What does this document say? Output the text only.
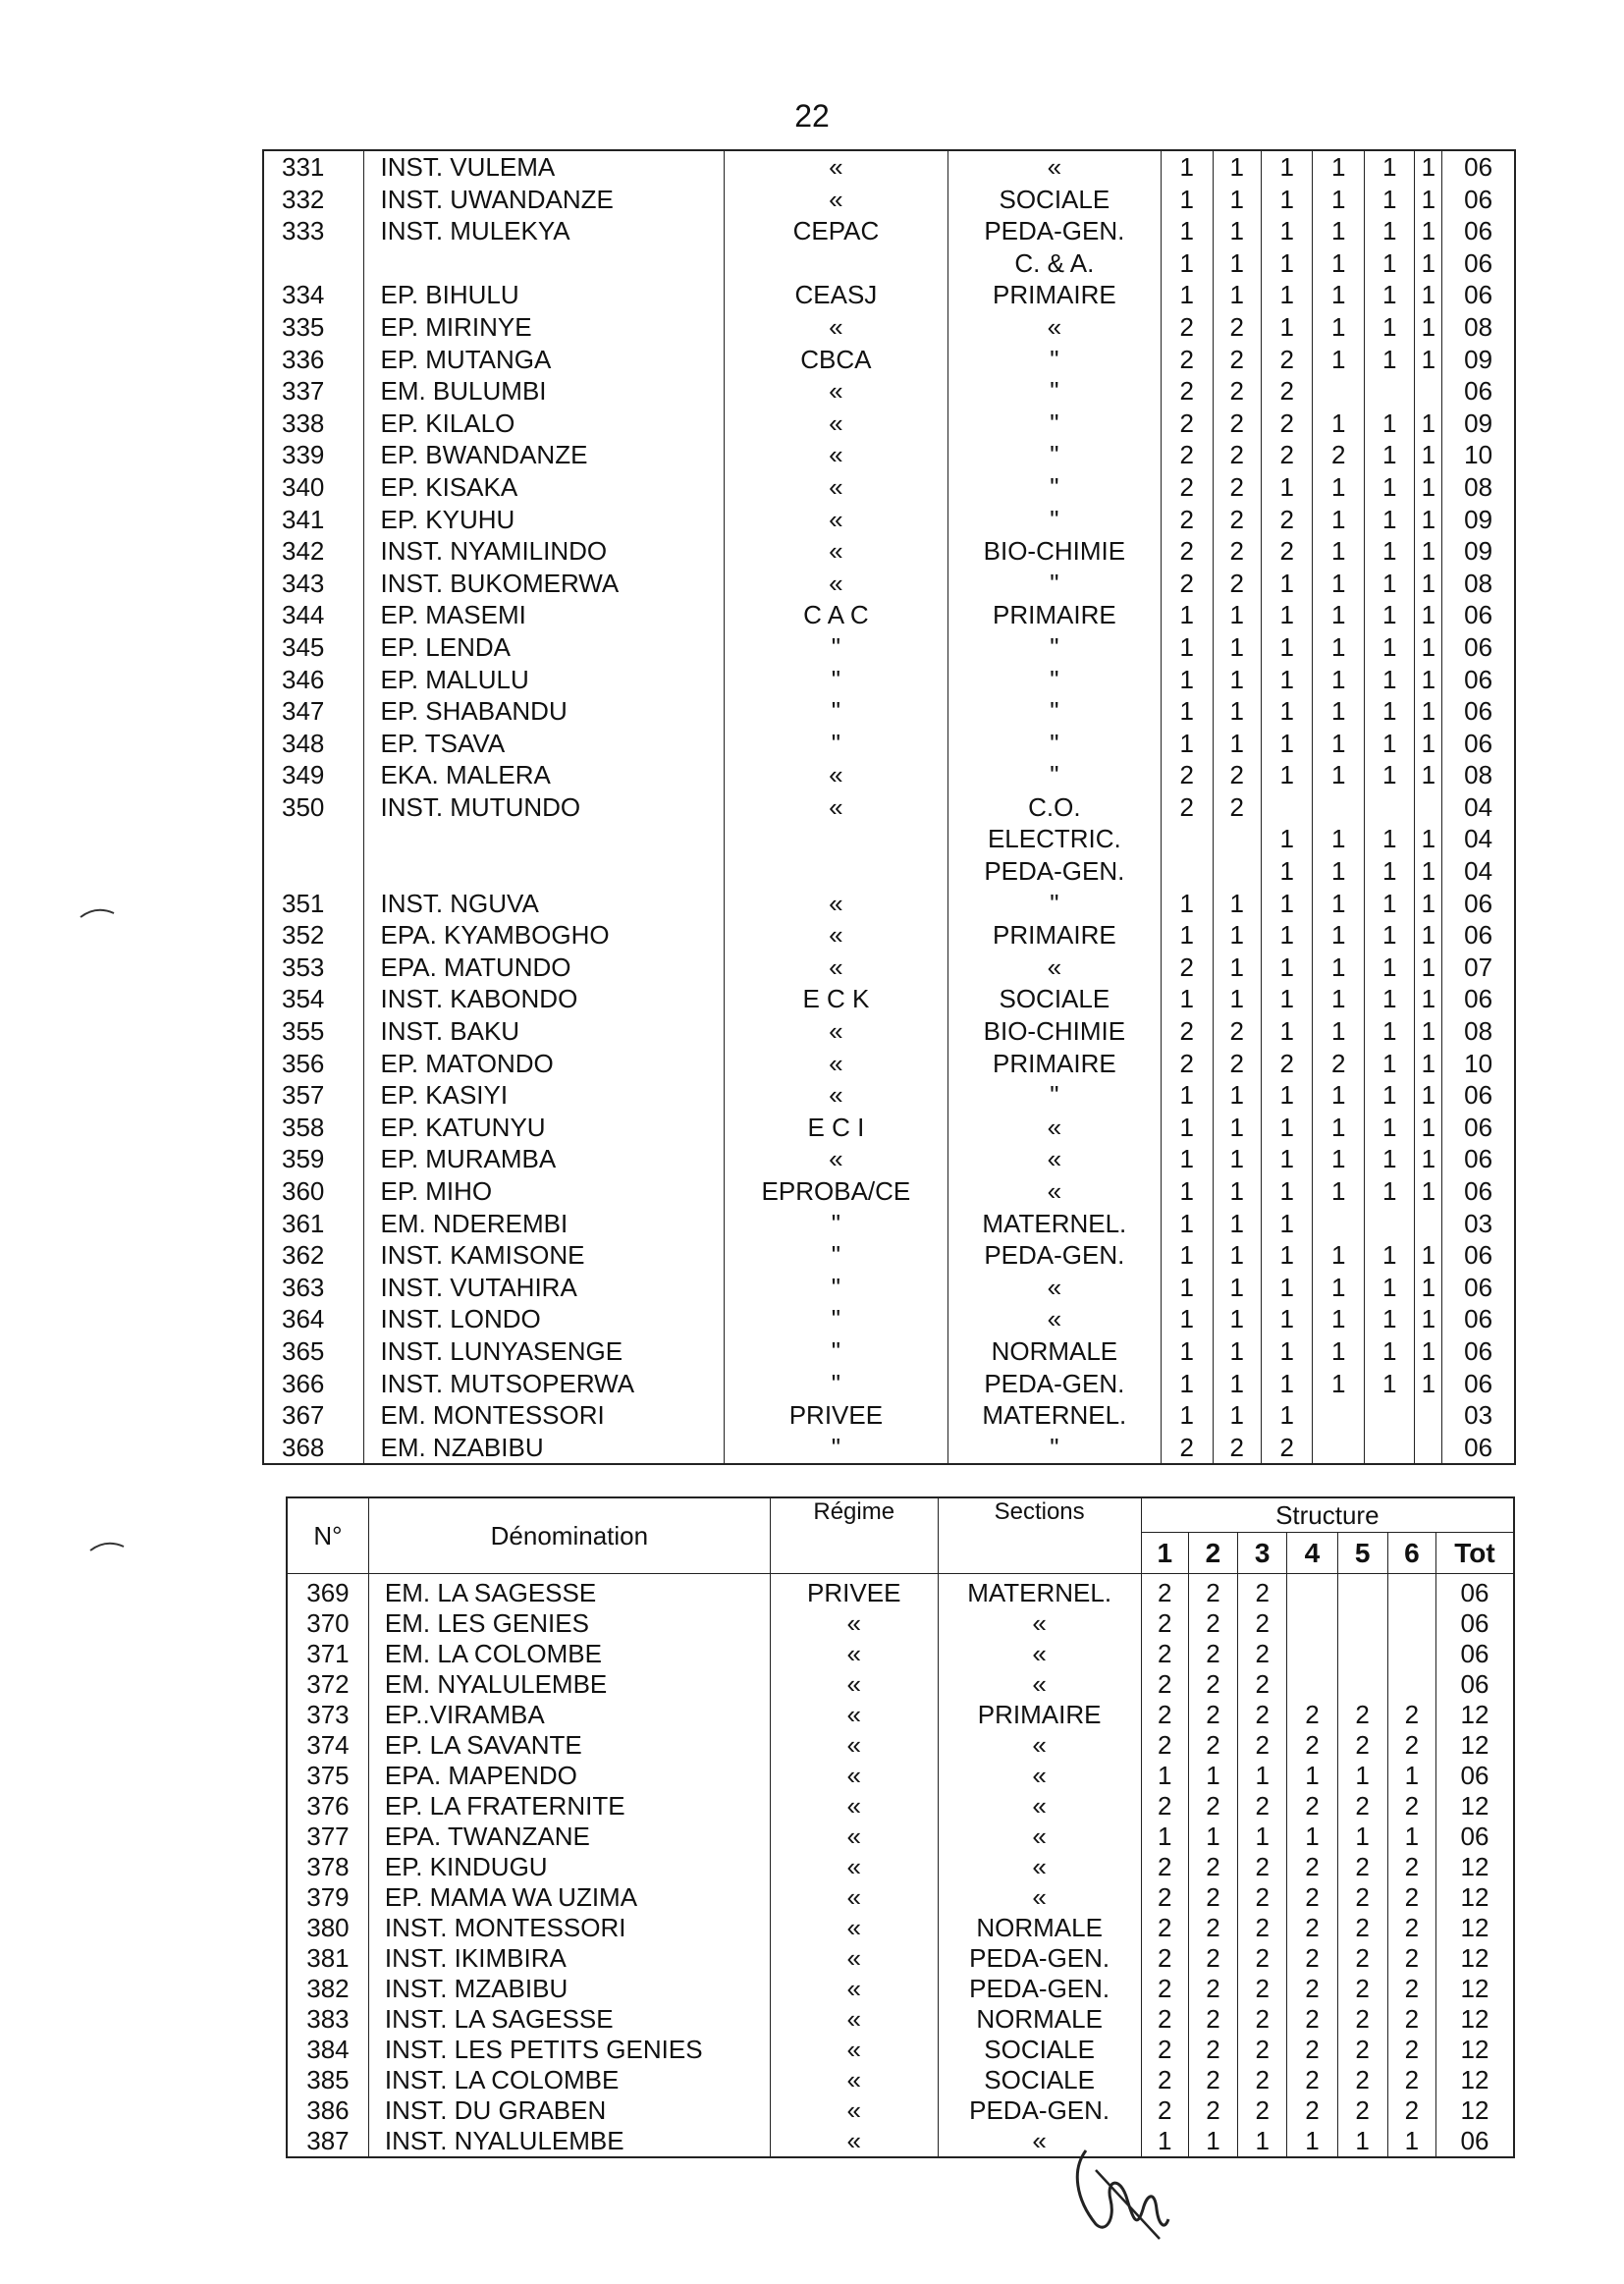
22
331	INST. VULEMA	«	«	1	1	1	1	1	1	06
332	INST. UWANDANZE	«	SOCIALE	1	1	1	1	1	1	06
333	INST. MULEKYA	CEPAC	PEDA-GEN.	1	1	1	1	1	1	06
			C. & A.	1	1	1	1	1	1	06
334	EP. BIHULU	CEASJ	PRIMAIRE	1	1	1	1	1	1	06
335	EP. MIRINYE	«	«	2	2	1	1	1	1	08
336	EP. MUTANGA	CBCA	"	2	2	2	1	1	1	09
337	EM. BULUMBI	«	"	2	2	2				06
338	EP. KILALO	«	"	2	2	2	1	1	1	09
339	EP. BWANDANZE	«	"	2	2	2	2	1	1	10
340	EP. KISAKA	«	"	2	2	1	1	1	1	08
341	EP. KYUHU	«	"	2	2	2	1	1	1	09
342	INST. NYAMILINDO	«	BIO-CHIMIE	2	2	2	1	1	1	09
343	INST. BUKOMERWA	«	"	2	2	1	1	1	1	08
344	EP. MASEMI	C A C	PRIMAIRE	1	1	1	1	1	1	06
345	EP. LENDA	"	"	1	1	1	1	1	1	06
346	EP. MALULU	"	"	1	1	1	1	1	1	06
347	EP. SHABANDU	"	"	1	1	1	1	1	1	06
348	EP. TSAVA	"	"	1	1	1	1	1	1	06
349	EKA. MALERA	«	"	2	2	1	1	1	1	08
350	INST. MUTUNDO	«	C.O.	2	2					04
			ELECTRIC.			1	1	1	1	04
			PEDA-GEN.			1	1	1	1	04
351	INST. NGUVA	«	"	1	1	1	1	1	1	06
352	EPA. KYAMBOGHO	«	PRIMAIRE	1	1	1	1	1	1	06
353	EPA. MATUNDO	«	«	2	1	1	1	1	1	07
354	INST. KABONDO	E C K	SOCIALE	1	1	1	1	1	1	06
355	INST. BAKU	«	BIO-CHIMIE	2	2	1	1	1	1	08
356	EP. MATONDO	«	PRIMAIRE	2	2	2	2	1	1	10
357	EP. KASIYI	«	"	1	1	1	1	1	1	06
358	EP. KATUNYU	E C I	«	1	1	1	1	1	1	06
359	EP. MURAMBA	«	«	1	1	1	1	1	1	06
360	EP. MIHO	EPROBA/CE	«	1	1	1	1	1	1	06
361	EM. NDEREMBI	"	MATERNEL.	1	1	1				03
362	INST. KAMISONE	"	PEDA-GEN.	1	1	1	1	1	1	06
363	INST. VUTAHIRA	"	«	1	1	1	1	1	1	06
364	INST. LONDO	"	«	1	1	1	1	1	1	06
365	INST. LUNYASENGE	"	NORMALE	1	1	1	1	1	1	06
366	INST. MUTSOPERWA	"	PEDA-GEN.	1	1	1	1	1	1	06
367	EM. MONTESSORI	PRIVEE	MATERNEL.	1	1	1				03
368	EM. NZABIBU	"	"	2	2	2				06
N°	Dénomination	Régime	Sections	Structure						
				1	2	3	4	5	6	Tot
369	EM. LA SAGESSE	PRIVEE	MATERNEL.	2	2	2				06
370	EM. LES GENIES	«	«	2	2	2				06
371	EM. LA COLOMBE	«	«	2	2	2				06
372	EM. NYALULEMBE	«	«	2	2	2				06
373	EP..VIRAMBA	«	PRIMAIRE	2	2	2	2	2	2	12
374	EP. LA SAVANTE	«	«	2	2	2	2	2	2	12
375	EPA. MAPENDO	«	«	1	1	1	1	1	1	06
376	EP. LA FRATERNITE	«	«	2	2	2	2	2	2	12
377	EPA. TWANZANE	«	«	1	1	1	1	1	1	06
378	EP. KINDUGU	«	«	2	2	2	2	2	2	12
379	EP. MAMA WA UZIMA	«	«	2	2	2	2	2	2	12
380	INST. MONTESSORI	«	NORMALE	2	2	2	2	2	2	12
381	INST. IKIMBIRA	«	PEDA-GEN.	2	2	2	2	2	2	12
382	INST. MZABIBU	«	PEDA-GEN.	2	2	2	2	2	2	12
383	INST. LA SAGESSE	«	NORMALE	2	2	2	2	2	2	12
384	INST. LES PETITS GENIES	«	SOCIALE	2	2	2	2	2	2	12
385	INST. LA COLOMBE	«	SOCIALE	2	2	2	2	2	2	12
386	INST. DU GRABEN	«	PEDA-GEN.	2	2	2	2	2	2	12
387	INST. NYALULEMBE	«	«	1	1	1	1	1	1	06
